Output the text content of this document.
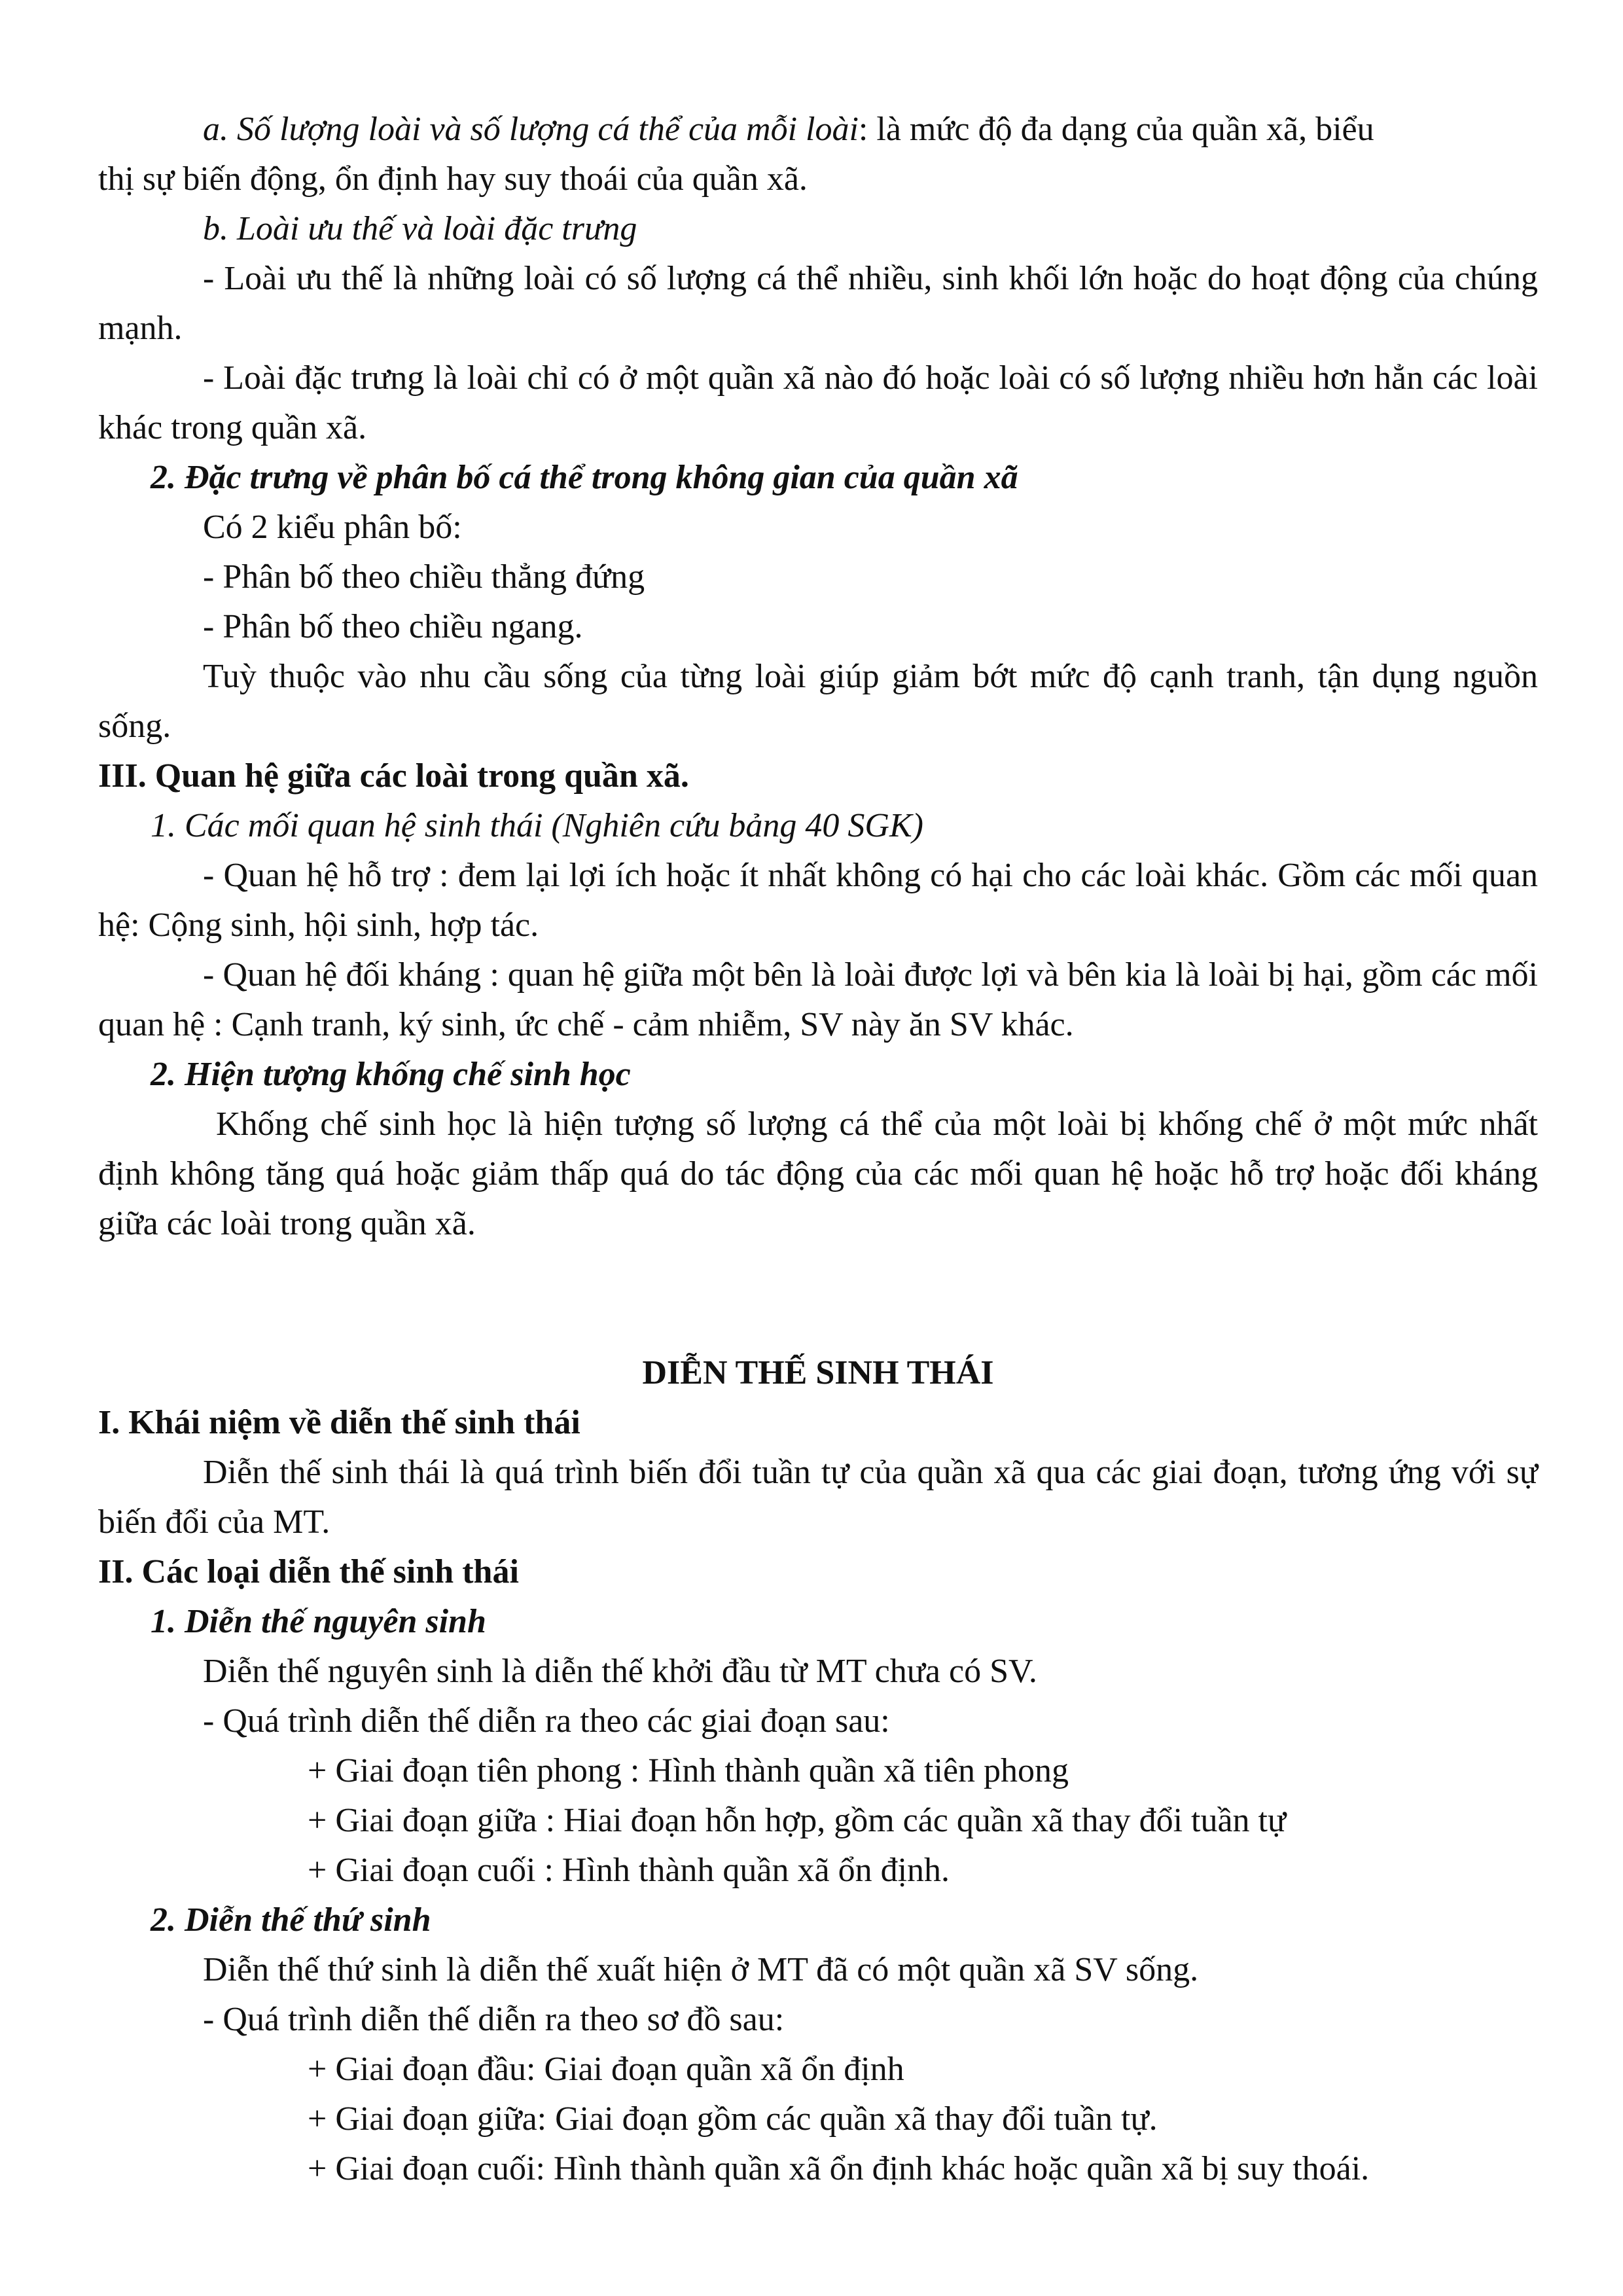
a. Số lượng loài và số lượng cá thể của mỗi loài: là mức độ đa dạng của quần xã, biểu
thị sự biến động, ổn định hay suy thoái của quần xã.
b. Loài ưu thế và loài đặc trưng
- Loài ưu thế là những loài có số lượng cá thể nhiều, sinh khối lớn hoặc do hoạt động của chúng mạnh.
- Loài đặc trưng là loài chỉ có ở một quần xã nào đó hoặc loài có số lượng nhiều hơn hẳn các loài khác trong quần xã.
2. Đặc trưng về phân bố cá thể trong không gian của quần xã
Có 2 kiểu phân bố:
- Phân bố theo chiều thẳng đứng
- Phân bố theo chiều ngang.
Tuỳ thuộc vào nhu cầu sống của từng loài giúp giảm bớt mức độ cạnh tranh, tận dụng nguồn sống.
III. Quan hệ giữa các loài trong quần xã.
1. Các mối quan hệ sinh thái (Nghiên cứu bảng 40 SGK)
- Quan hệ hỗ trợ : đem lại lợi ích hoặc ít nhất không có hại cho các loài khác. Gồm các mối quan hệ: Cộng sinh, hội sinh, hợp tác.
- Quan hệ đối kháng : quan hệ giữa một bên là loài được lợi và bên kia là loài bị hại, gồm các mối quan hệ : Cạnh tranh, ký sinh, ức chế - cảm nhiễm, SV này ăn SV khác.
2. Hiện tượng khống chế sinh học
Khống chế sinh học là hiện tượng số lượng cá thể của một loài bị khống chế ở một mức nhất định không tăng quá hoặc giảm thấp quá do tác động của các mối quan hệ hoặc hỗ trợ hoặc đối kháng giữa các loài trong quần xã.
DIỄN THẾ SINH THÁI
I. Khái niệm về diễn thế sinh thái
Diễn thế sinh thái là quá trình biến đổi tuần tự của quần xã qua các giai đoạn, tương ứng với sự biến đổi của MT.
II. Các loại diễn thế sinh thái
1. Diễn thế nguyên sinh
Diễn thế nguyên sinh là diễn thế khởi đầu từ MT chưa có SV.
- Quá trình diễn thế diễn ra theo các giai đoạn sau:
+ Giai đoạn tiên phong : Hình thành quần xã tiên phong
+ Giai đoạn giữa : Hiai đoạn hỗn hợp, gồm các quần xã thay đổi tuần tự
+ Giai đoạn cuối : Hình thành quần xã ổn định.
2. Diễn thế thứ sinh
Diễn thế thứ sinh là diễn thế xuất hiện ở MT đã có một quần xã SV sống.
- Quá trình diễn thế diễn ra theo sơ đồ sau:
+ Giai đoạn đầu: Giai đoạn quần xã ổn định
+ Giai đoạn giữa: Giai đoạn gồm các quần xã thay đổi tuần tự.
+ Giai đoạn cuối: Hình thành quần xã ổn định khác hoặc quần xã bị suy thoái.
